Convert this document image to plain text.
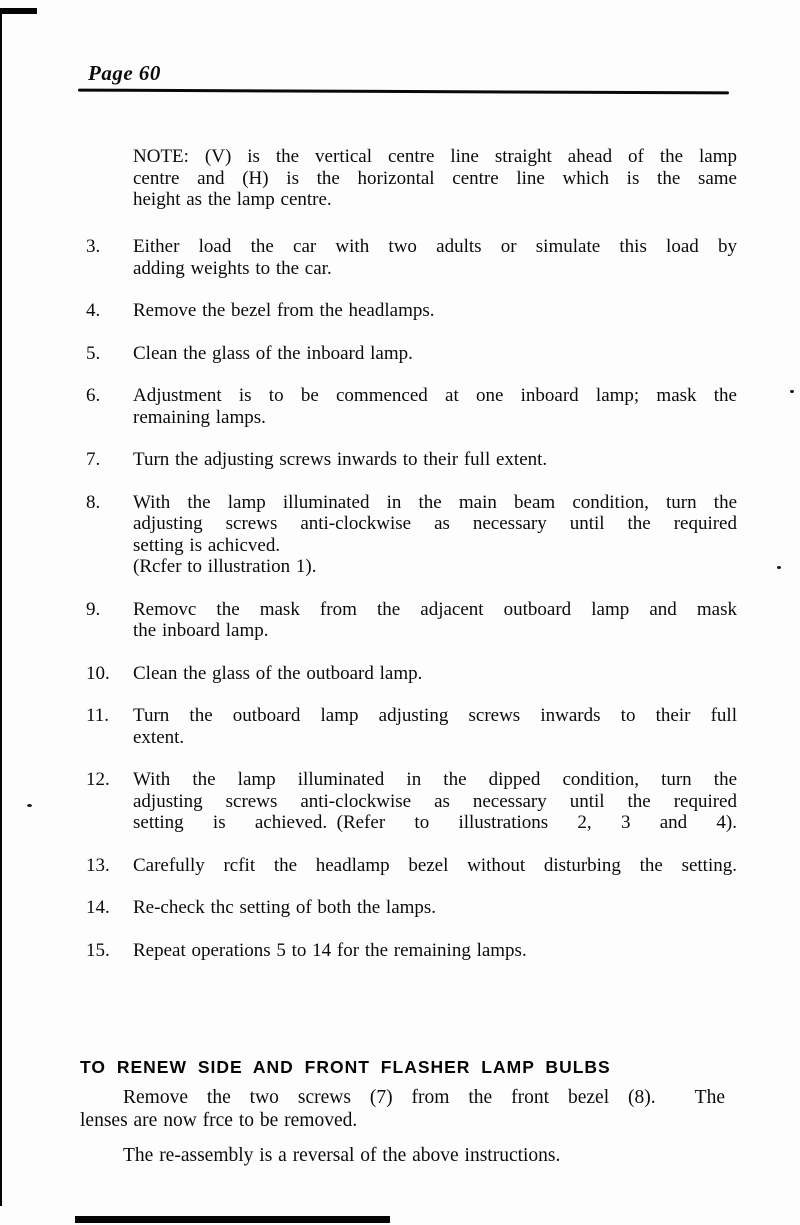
Page 60
NOTE: (V) is the vertical centre line straight ahead of the lamp
centre and (H) is the horizontal centre line which is the same
height as the lamp centre.
3. Either load the car with two adults or simulate this load by
adding weights to the car.
4. Remove the bezel from the headlamps.
5. Clean the glass of the inboard lamp.
6. Adjustment is to be commenced at one inboard lamp; mask the
remaining lamps.
7. Turn the adjusting screws inwards to their full extent.
8. With the lamp illuminated in the main beam condition, turn the
adjusting screws anti-clockwise as necessary until the required
setting is achicved.
(Rcfer to illustration 1).
9. Removc the mask from the adjacent outboard lamp and mask
the inboard lamp.
10. Clean the glass of the outboard lamp.
11. Turn the outboard lamp adjusting screws inwards to their full
extent.
12. With the lamp illuminated in the dipped condition, turn the
adjusting screws anti-clockwise as necessary until the required
setting is achieved. (Refer to illustrations 2, 3 and 4).
13. Carefully rcfit the headlamp bezel without disturbing the setting.
14. Re-check thc setting of both the lamps.
15. Repeat operations 5 to 14 for the remaining lamps.
TO RENEW SIDE AND FRONT FLASHER LAMP BULBS
Remove the two screws (7) from the front bezel (8).  The
lenses are now frce to be removed.
The re-assembly is a reversal of the above instructions.
